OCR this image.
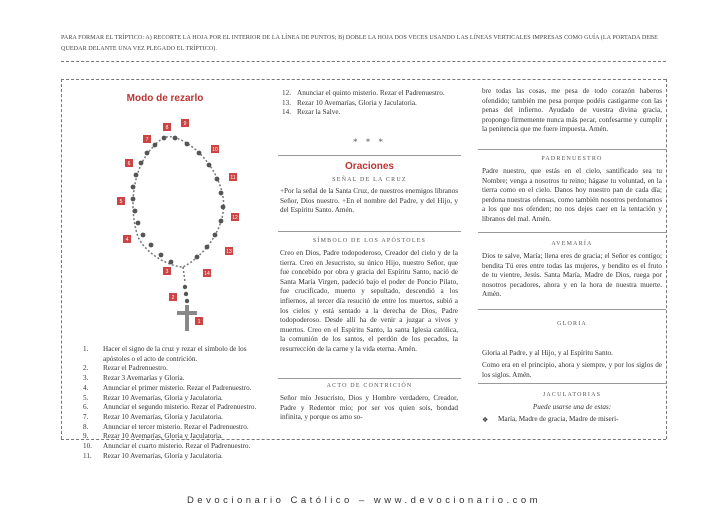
PARA FORMAR EL TRÍPTICO: A) RECORTE LA HOJA POR EL INTERIOR DE LA LÍNEA DE PUNTOS; B) DOBLE LA HOJA DOS VECES USANDO LAS LÍNEAS VERTICALES IMPRESAS COMO GUÍA (LA PORTADA DEBE QUEDAR DELANTE UNA VEZ PLEGADO EL TRÍPTICO).
Modo de rezarlo
8
9
7
10
6
11
5
12
4
13
3	14
2
1
1. Hacer el signo de la cruz y rezar el símbolo de los apóstoles o el acto de contrición.
2. Rezar el Padrenuestro.
3. Rezar 3 Avemarías y Gloria.
4. Anunciar el primer misterio. Rezar el Padrenuestro.
5. Rezar 10 Avemarías, Gloria y Jaculatoria.
6. Anunciar el segundo misterio. Rezar el Padrenuestro.
7. Rezar 10 Avemarías, Gloria y Jaculatoria.
8. Anunciar el tercer misterio. Rezar el Padrenuestro.
9. Rezar 10 Avemarías, Gloria y Jaculatoria.
10. Anunciar el cuarto misterio. Rezar el Padrenuestro.
11. Rezar 10 Avemarías, Gloria y Jaculatoria.
12. Anunciar el quinto misterio. Rezar el Padrenuestro.
13. Rezar 10 Avemarías, Gloria y Jaculatoria.
14. Rezar la Salve.
* * *
Oraciones
SEÑAL DE LA CRUZ
+Por la señal de la Santa Cruz, de nuestros enemigos líbranos Señor, Dios nuestro. +En el nombre del Padre, y del Hijo, y del Espíritu Santo. Amén.
SÍMBOLO DE LOS APÓSTOLES
Creo en Dios, Padre todopoderoso, Creador del cielo y de la tierra. Creo en Jesucristo, su único Hijo, nuestro Señor, que fue concebido por obra y gracia del Espíritu Santo, nació de Santa María Virgen, padeció bajo el poder de Poncio Pilato, fue crucificado, muerto y sepultado, descendió a los infiernos, al tercer día resucitó de entre los muertos, subió a los cielos y está sentado a la derecha de Dios, Padre todopoderoso. Desde allí ha de venir a juzgar a vivos y muertos. Creo en el Espíritu Santo, la santa Iglesia católica, la comunión de los santos, el perdón de los pecados, la resurrección de la carne y la vida eterna. Amén.
ACTO DE CONTRICIÓN
Señor mío Jesucristo, Dios y Hombre verdadero, Creador, Padre y Redentor mío; por ser vos quien sois, bondad infinita, y porque os amo so-
bre todas las cosas, me pesa de todo corazón haberos ofendido; también me pesa porque podéis castigarme con las penas del infierno. Ayudado de vuestra divina gracia, propongo firmemente nunca más pecar, confesarme y cumplir la penitencia que me fuere impuesta. Amén.
PADRENUESTRO
Padre nuestro, que estás en el cielo, santificado sea tu Nombre; venga a nosotros tu reino; hágase tu voluntad, en la tierra como en el cielo. Danos hoy nuestro pan de cada día; perdona nuestras ofensas, como también nosotros perdonamos a los que nos ofenden; no nos dejes caer en la tentación y líbranos del mal. Amén.
AVEMARÍA
Dios te salve, María; llena eres de gracia; el Señor es contigo; bendita Tú eres entre todas las mujeres, y bendito es el fruto de tu vientre, Jesús. Santa María, Madre de Dios, ruega por nosotros pecadores, ahora y en la hora de nuestra muerte. Amén.
GLORIA
Gloria al Padre, y al Hijo, y al Espíritu Santo.
Como era en el principio, ahora y siempre, y por los siglos de los siglos. Amén.
JACULATORIAS
Puede usarse una de estas:
❖ María, Madre de gracia, Madre de miseri-
Devocionario Católico – www.devocionario.com
